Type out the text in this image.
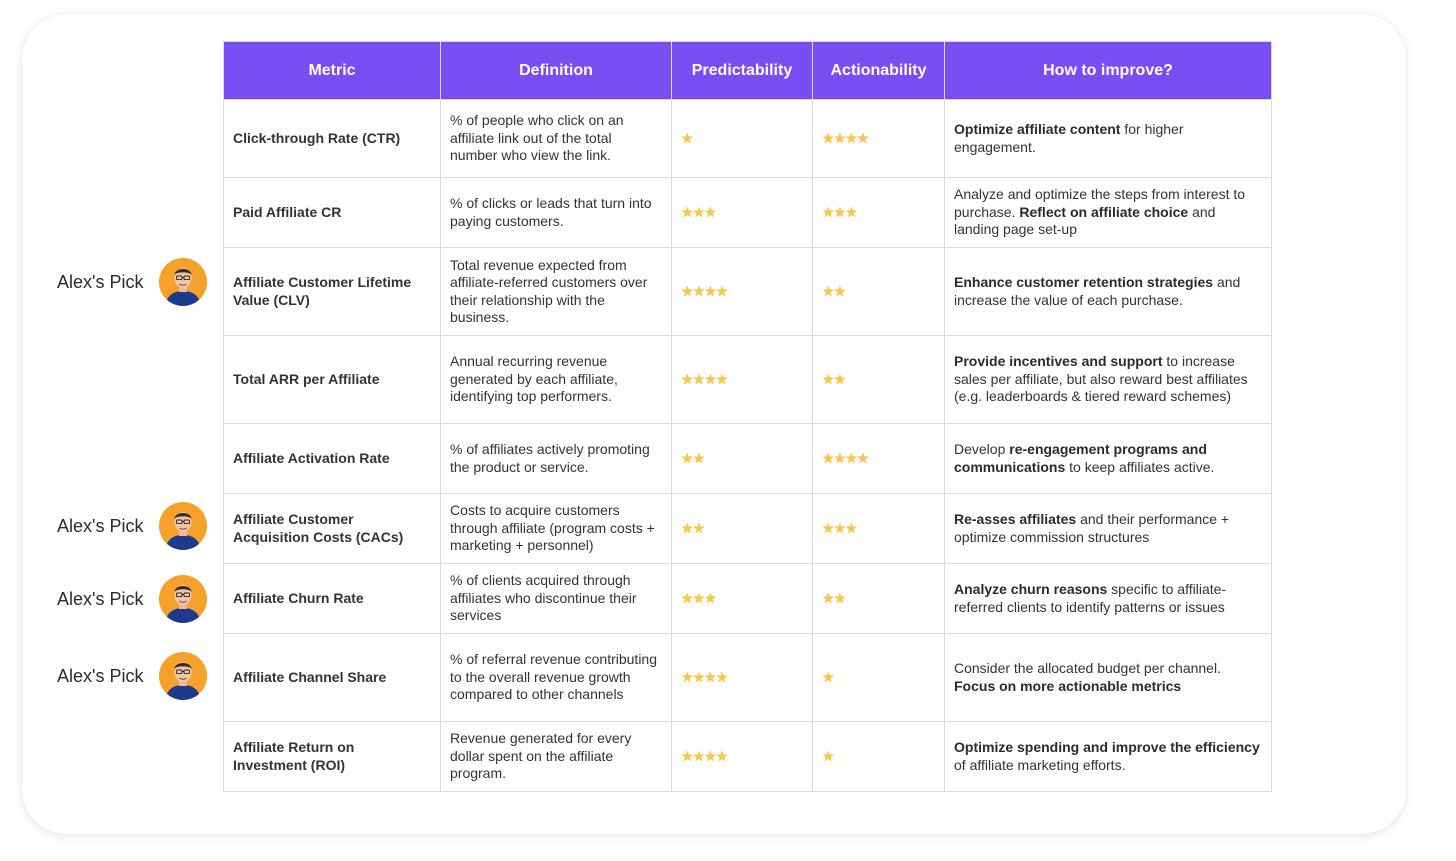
Alex's Pick
Alex's Pick
Alex's Pick
Alex's Pick
Metric	Definition	Predictability	Actionability	How to improve?
Click-through Rate (CTR)	% of people who click on an affiliate link out of the total number who view the link.	★	★★★★	Optimize affiliate content for higher engagement.
Paid Affiliate CR	% of clicks or leads that turn into paying customers.	★★★	★★★	Analyze and optimize the steps from interest to purchase. Reflect on affiliate choice and landing page set-up
Affiliate Customer Lifetime Value (CLV)	Total revenue expected from affiliate-referred customers over their relationship with the business.	★★★★	★★	Enhance customer retention strategies and increase the value of each purchase.
Total ARR per Affiliate	Annual recurring revenue generated by each affiliate, identifying top performers.	★★★★	★★	Provide incentives and support to increase sales per affiliate, but also reward best affiliates (e.g. leaderboards & tiered reward schemes)
Affiliate Activation Rate	% of affiliates actively promoting the product or service.	★★	★★★★	Develop re-engagement programs and communications to keep affiliates active.
Affiliate Customer Acquisition Costs (CACs)	Costs to acquire customers through affiliate (program costs + marketing + personnel)	★★	★★★	Re-asses affiliates and their performance + optimize commission structures
Affiliate Churn Rate	% of clients acquired through affiliates who discontinue their services	★★★	★★	Analyze churn reasons specific to affiliate-referred clients to identify patterns or issues
Affiliate Channel Share	% of referral revenue contributing to the overall revenue growth compared to other channels	★★★★	★	Consider the allocated budget per channel. Focus on more actionable metrics
Affiliate Return on Investment (ROI)	Revenue generated for every dollar spent on the affiliate program.	★★★★	★	Optimize spending and improve the efficiency of affiliate marketing efforts.
